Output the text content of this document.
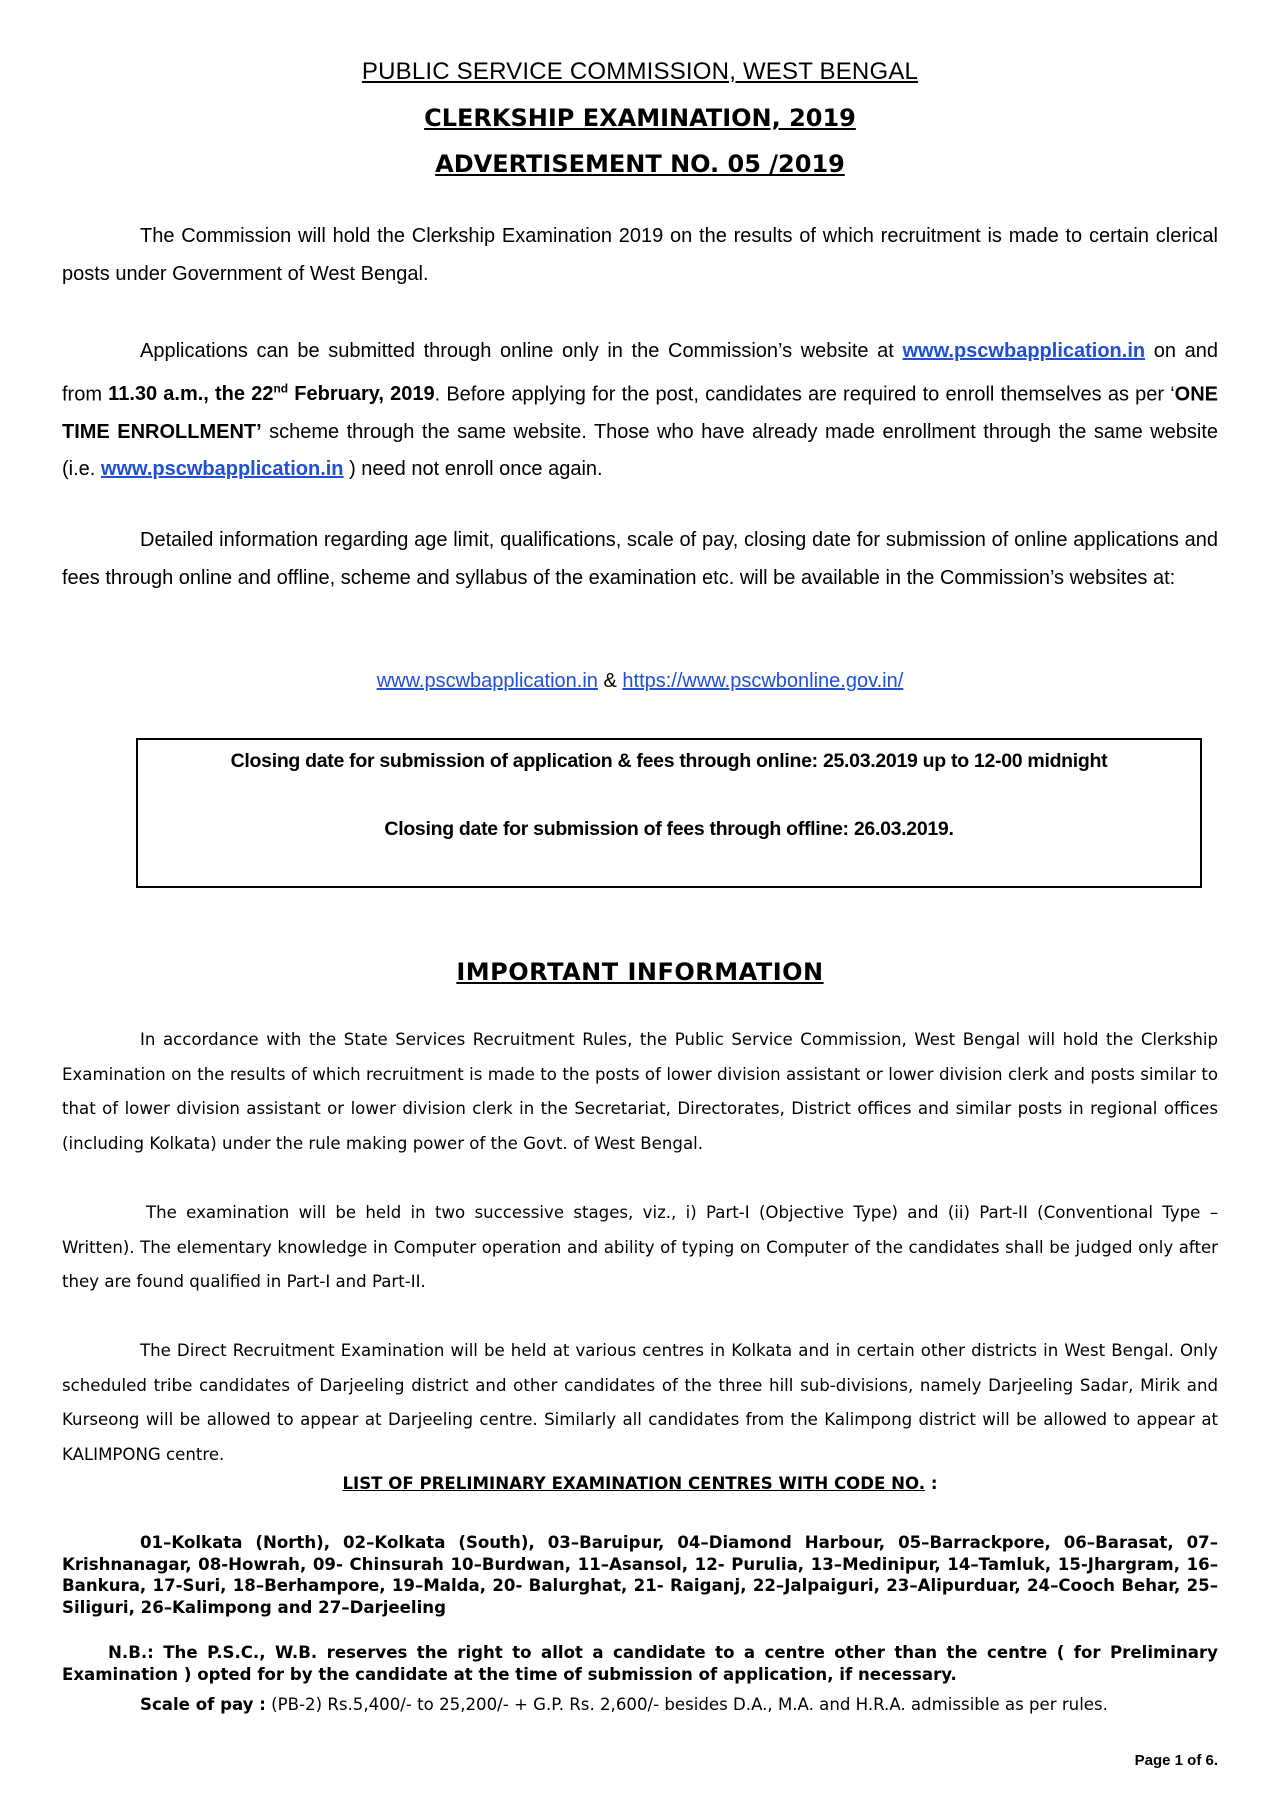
PUBLIC SERVICE COMMISSION, WEST BENGAL
CLERKSHIP EXAMINATION, 2019
ADVERTISEMENT NO. 05 /2019
The Commission will hold the Clerkship Examination 2019 on the results of which recruitment is made to certain clerical posts under Government of West Bengal.
Applications can be submitted through online only in the Commission’s website at www.pscwbapplication.in on and from 11.30 a.m., the 22nd February, 2019. Before applying for the post, candidates are required to enroll themselves as per ‘ONE TIME ENROLLMENT’ scheme through the same website. Those who have already made enrollment through the same website (i.e. www.pscwbapplication.in ) need not enroll once again.
Detailed information regarding age limit, qualifications, scale of pay, closing date for submission of online applications and fees through online and offline, scheme and syllabus of the examination etc. will be available in the Commission’s websites at:
www.pscwbapplication.in & https://www.pscwbonline.gov.in/
Closing date for submission of application & fees through online: 25.03.2019 up to 12-00 midnight
Closing date for submission of fees through offline: 26.03.2019.
IMPORTANT INFORMATION
In accordance with the State Services Recruitment Rules, the Public Service Commission, West Bengal will hold the Clerkship Examination on the results of which recruitment is made to the posts of lower division assistant or lower division clerk and posts similar to that of lower division assistant or lower division clerk in the Secretariat, Directorates, District offices and similar posts in regional offices (including Kolkata) under the rule making power of the Govt. of West Bengal.
The examination will be held in two successive stages, viz., i) Part-I (Objective Type) and (ii) Part-II (Conventional Type – Written). The elementary knowledge in Computer operation and ability of typing on Computer of the candidates shall be judged only after they are found qualified in Part-I and Part-II.
The Direct Recruitment Examination will be held at various centres in Kolkata and in certain other districts in West Bengal. Only scheduled tribe candidates of Darjeeling district and other candidates of the three hill sub-divisions, namely Darjeeling Sadar, Mirik and Kurseong will be allowed to appear at Darjeeling centre. Similarly all candidates from the Kalimpong district will be allowed to appear at KALIMPONG centre.
LIST OF PRELIMINARY EXAMINATION CENTRES WITH CODE NO. :
01–Kolkata (North), 02–Kolkata (South), 03–Baruipur, 04–Diamond Harbour, 05–Barrackpore, 06–Barasat, 07– Krishnanagar, 08-Howrah, 09- Chinsurah 10–Burdwan, 11–Asansol, 12- Purulia, 13–Medinipur, 14–Tamluk, 15-Jhargram, 16–Bankura, 17-Suri, 18–Berhampore, 19–Malda, 20- Balurghat, 21- Raiganj, 22–Jalpaiguri, 23–Alipurduar, 24–Cooch Behar, 25–Siliguri, 26–Kalimpong and 27–Darjeeling
N.B.: The P.S.C., W.B. reserves the right to allot a candidate to a centre other than the centre ( for Preliminary Examination ) opted for by the candidate at the time of submission of application, if necessary.
Scale of pay : (PB-2) Rs.5,400/- to 25,200/- + G.P. Rs. 2,600/- besides D.A., M.A. and H.R.A. admissible as per rules.
Page 1 of 6.
